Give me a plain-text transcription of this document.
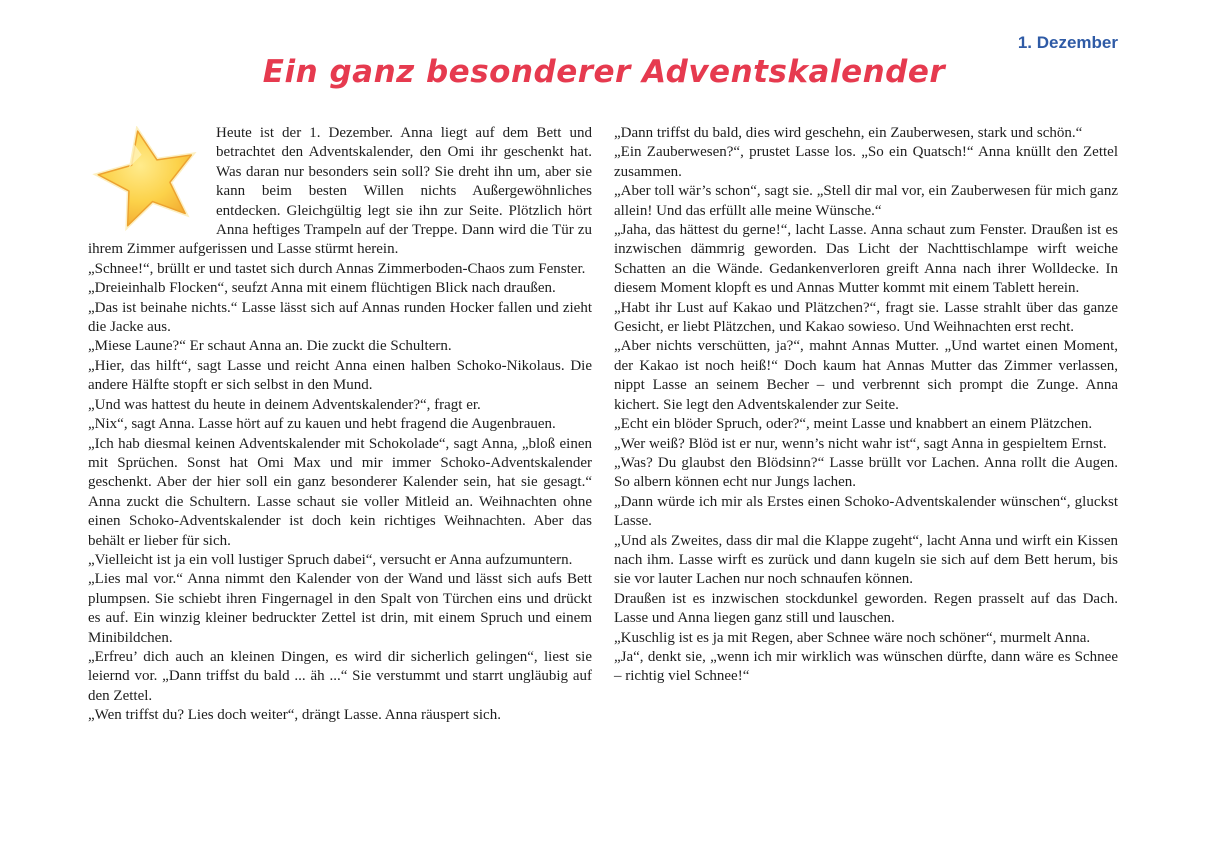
1. Dezember
Ein ganz besonderer Adventskalender

Heute ist der 1. Dezember. Anna liegt auf dem Bett und betrachtet den Adventskalender, den Omi ihr geschenkt hat. Was daran nur besonders sein soll? Sie dreht ihn um, aber sie kann beim besten Willen nichts Außergewöhnliches entdecken. Gleichgültig legt sie ihn zur Seite. Plötzlich hört Anna heftiges Trampeln auf der Treppe. Dann wird die Tür zu ihrem Zimmer aufgerissen und Lasse stürmt herein.

„Schnee!“, brüllt er und tastet sich durch Annas Zimmerboden-Chaos zum Fenster.

„Dreieinhalb Flocken“, seufzt Anna mit einem flüchtigen Blick nach draußen.

„Das ist beinahe nichts.“ Lasse lässt sich auf Annas runden Hocker fallen und zieht die Jacke aus.

„Miese Laune?“ Er schaut Anna an. Die zuckt die Schultern.

„Hier, das hilft“, sagt Lasse und reicht Anna einen halben Schoko-Nikolaus. Die andere Hälfte stopft er sich selbst in den Mund.

„Und was hattest du heute in deinem Adventskalender?“, fragt er.

„Nix“, sagt Anna. Lasse hört auf zu kauen und hebt fragend die Augenbrauen.

„Ich hab diesmal keinen Adventskalender mit Schokolade“, sagt Anna, „bloß einen mit Sprüchen. Sonst hat Omi Max und mir immer Schoko-Adventskalender geschenkt. Aber der hier soll ein ganz besonderer Kalender sein, hat sie gesagt.“ Anna zuckt die Schultern. Lasse schaut sie voller Mitleid an. Weihnachten ohne einen Schoko-Adventskalender ist doch kein richtiges Weihnachten. Aber das behält er lieber für sich.

„Vielleicht ist ja ein voll lustiger Spruch dabei“, versucht er Anna aufzumuntern.

„Lies mal vor.“ Anna nimmt den Kalender von der Wand und lässt sich aufs Bett plumpsen. Sie schiebt ihren Fingernagel in den Spalt von Türchen eins und drückt es auf. Ein winzig kleiner bedruckter Zettel ist drin, mit einem Spruch und einem Minibildchen.

„Erfreu’ dich auch an kleinen Dingen, es wird dir sicherlich gelingen“, liest sie leiernd vor. „Dann triffst du bald ... äh ...“ Sie verstummt und starrt ungläubig auf den Zettel.

„Wen triffst du? Lies doch weiter“, drängt Lasse. Anna räuspert sich.

„Dann triffst du bald, dies wird geschehn, ein Zauberwesen, stark und schön.“

„Ein Zauberwesen?“, prustet Lasse los. „So ein Quatsch!“ Anna knüllt den Zettel zusammen.

„Aber toll wär’s schon“, sagt sie. „Stell dir mal vor, ein Zauberwesen für mich ganz allein! Und das erfüllt alle meine Wünsche.“

„Jaha, das hättest du gerne!“, lacht Lasse. Anna schaut zum Fenster. Draußen ist es inzwischen dämmrig geworden. Das Licht der Nachttischlampe wirft weiche Schatten an die Wände. Gedankenverloren greift Anna nach ihrer Wolldecke. In diesem Moment klopft es und Annas Mutter kommt mit einem Tablett herein.

„Habt ihr Lust auf Kakao und Plätzchen?“, fragt sie. Lasse strahlt über das ganze Gesicht, er liebt Plätzchen, und Kakao sowieso. Und Weihnachten erst recht.

„Aber nichts verschütten, ja?“, mahnt Annas Mutter. „Und wartet einen Moment, der Kakao ist noch heiß!“ Doch kaum hat Annas Mutter das Zimmer verlassen, nippt Lasse an seinem Becher – und verbrennt sich prompt die Zunge. Anna kichert. Sie legt den Adventskalender zur Seite.

„Echt ein blöder Spruch, oder?“, meint Lasse und knabbert an einem Plätzchen.

„Wer weiß? Blöd ist er nur, wenn’s nicht wahr ist“, sagt Anna in gespieltem Ernst.

„Was? Du glaubst den Blödsinn?“ Lasse brüllt vor Lachen. Anna rollt die Augen. So albern können echt nur Jungs lachen.

„Dann würde ich mir als Erstes einen Schoko-Adventskalender wünschen“, gluckst Lasse.

„Und als Zweites, dass dir mal die Klappe zugeht“, lacht Anna und wirft ein Kissen nach ihm. Lasse wirft es zurück und dann kugeln sie sich auf dem Bett herum, bis sie vor lauter Lachen nur noch schnaufen können.

Draußen ist es inzwischen stockdunkel geworden. Regen prasselt auf das Dach. Lasse und Anna liegen ganz still und lauschen.

„Kuschlig ist es ja mit Regen, aber Schnee wäre noch schöner“, murmelt Anna.

„Ja“, denkt sie, „wenn ich mir wirklich was wünschen dürfte, dann wäre es Schnee – richtig viel Schnee!“
